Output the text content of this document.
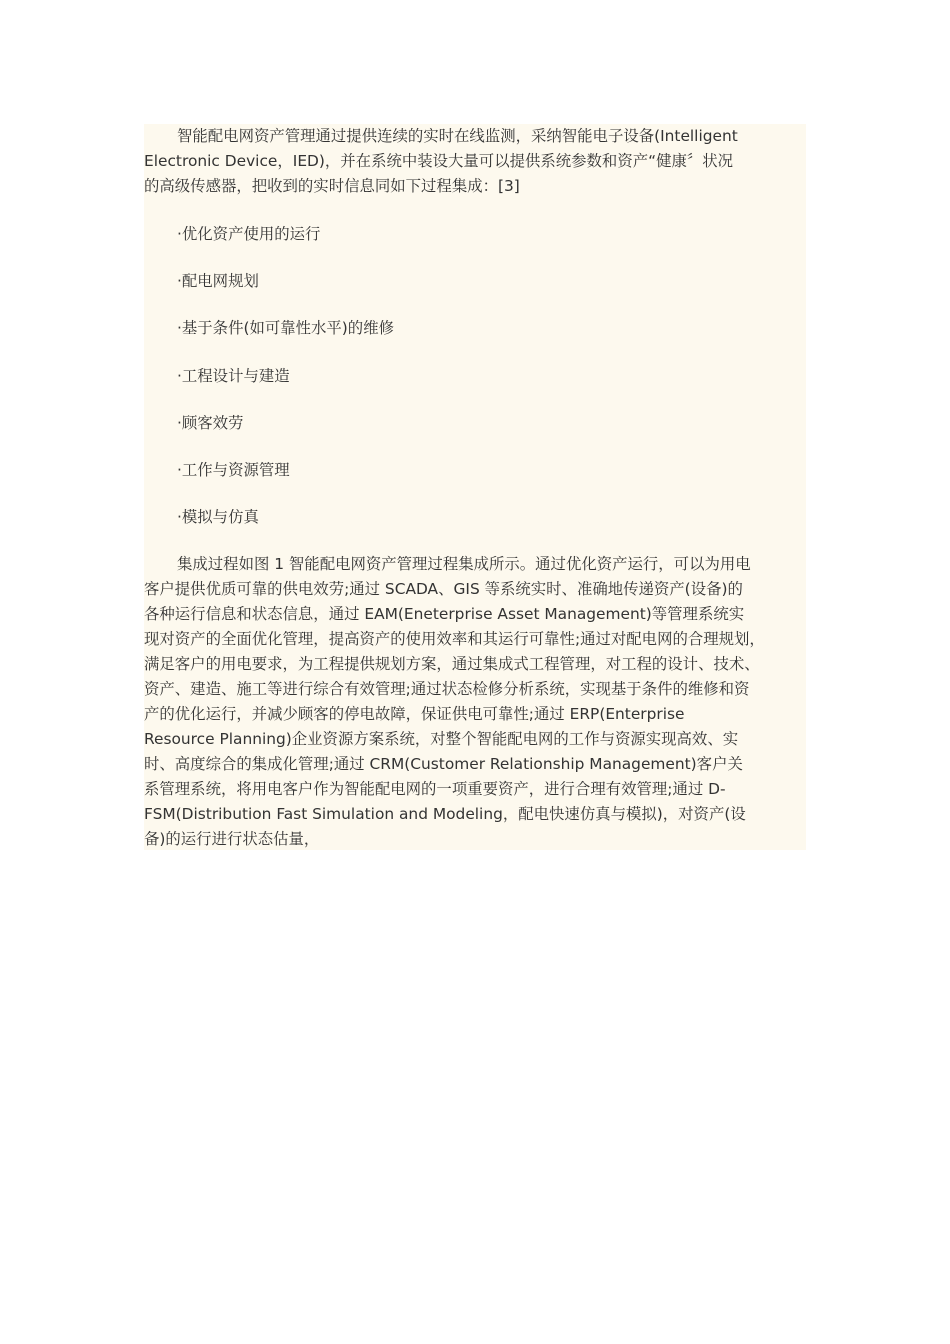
智能配电网资产管理通过提供连续的实时在线监测，采纳智能电子设备(Intelligent
Electronic Device，IED)，并在系统中装设大量可以提供系统参数和资产“健康〞状况
的高级传感器，把收到的实时信息同如下过程集成：[3]

·优化资产使用的运行
·配电网规划
·基于条件(如可靠性水平)的维修
·工程设计与建造
·顾客效劳
·工作与资源管理
·模拟与仿真

集成过程如图 1 智能配电网资产管理过程集成所示。通过优化资产运行，可以为用电
客户提供优质可靠的供电效劳;通过 SCADA、GIS 等系统实时、准确地传递资产(设备)的
各种运行信息和状态信息，通过 EAM(Eneterprise Asset Management)等管理系统实
现对资产的全面优化管理，提高资产的使用效率和其运行可靠性;通过对配电网的合理规划，
满足客户的用电要求，为工程提供规划方案，通过集成式工程管理，对工程的设计、技术、
资产、建造、施工等进行综合有效管理;通过状态检修分析系统，实现基于条件的维修和资
产的优化运行，并减少顾客的停电故障，保证供电可靠性;通过 ERP(Enterprise
Resource Planning)企业资源方案系统，对整个智能配电网的工作与资源实现高效、实
时、高度综合的集成化管理;通过 CRM(Customer Relationship Management)客户关
系管理系统，将用电客户作为智能配电网的一项重要资产，进行合理有效管理;通过 D-
FSM(Distribution Fast Simulation and Modeling，配电快速仿真与模拟)，对资产(设
备)的运行进行状态估量，
